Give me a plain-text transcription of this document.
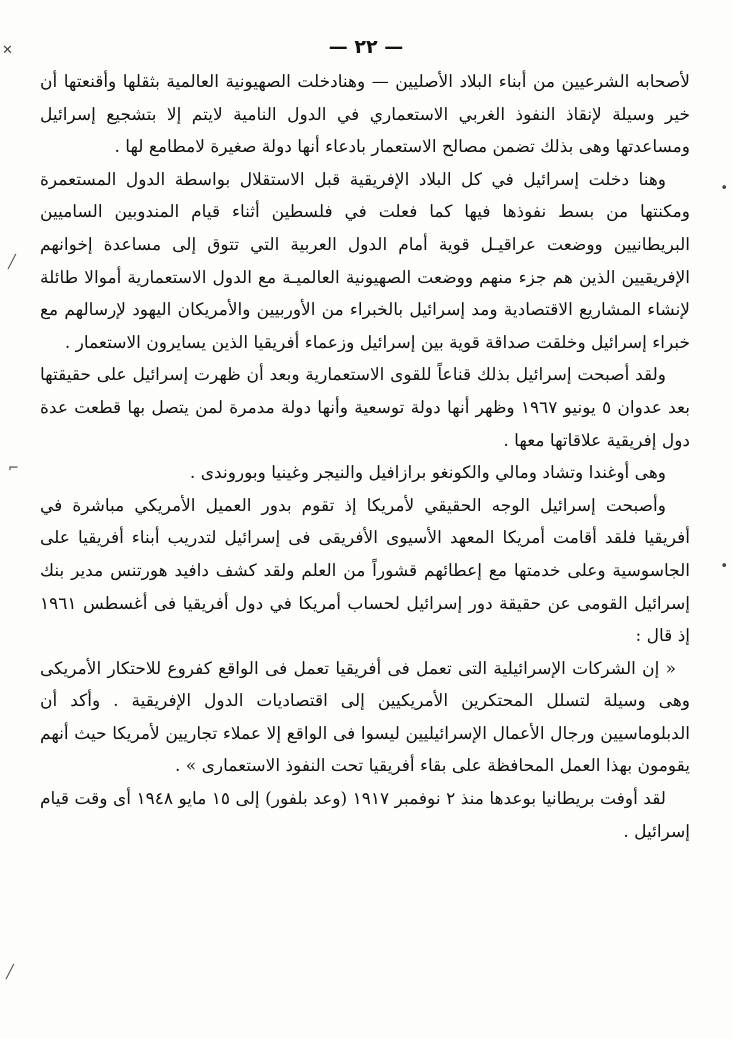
— ٢٢ —

لأصحابه الشرعيين من أبناء البلاد الأصليين — وهنادخلت الصهيونية العالمية بثقلها وأقنعتها أن خير وسيلة لإنقاذ النفوذ الغربي الاستعماري في الدول النامية لايتم إلا بتشجيع إسرائيل ومساعدتها وهى بذلك تضمن مصالح الاستعمار بادعاء أنها دولة صغيرة لامطامع لها .

وهنا دخلت إسرائيل في كل البلاد الإفريقية قبل الاستقلال بواسطة الدول المستعمرة ومكنتها من بسط نفوذها فيها كما فعلت في فلسطين أثناء قيام المندوبين الساميين البريطانيين ووضعت عراقيـل قوية أمام الدول العربية التي تتوق إلى مساعدة إخوانهم الإفريقيين الذين هم جزء منهم ووضعت الصهيونية العالميـة مع الدول الاستعمارية أموالا طائلة لإنشاء المشاريع الاقتصادية ومد إسرائيل بالخبراء من الأوربيين والأمريكان اليهود لإرسالهم مع خبراء إسرائيل وخلقت صداقة قوية بين إسرائيل وزعماء أفريقيا الذين يسايرون الاستعمار .

ولقد أصبحت إسرائيل بذلك قناعاً للقوى الاستعمارية وبعد أن ظهرت إسرائيل على حقيقتها بعد عدوان ٥ يونيو ١٩٦٧ وظهر أنها دولة توسعية وأنها دولة مدمرة لمن يتصل بها قطعت عدة دول إفريقية علاقاتها معها .

وهى أوغندا وتشاد ومالي والكونغو برازافيل والنيجر وغينيا وبوروندى .

وأصبحت إسرائيل الوجه الحقيقي لأمريكا إذ تقوم بدور العميل الأمريكي مباشرة في أفريقيا فلقد أقامت أمريكا المعهد الأسيوى الأفريقى فى إسرائيل لتدريب أبناء أفريقيا على الجاسوسية وعلى خدمتها مع إعطائهم قشوراً من العلم ولقد كشف دافيد هورتنس مدير بنك إسرائيل القومى عن حقيقة دور إسرائيل لحساب أمريكا في دول أفريقيا فى أغسطس ١٩٦١ إذ قال :

« إن الشركات الإسرائيلية التى تعمل فى أفريقيا تعمل فى الواقع كفروع للاحتكار الأمريكى وهى وسيلة لتسلل المحتكرين الأمريكيين إلى اقتصاديات الدول الإفريقية . وأكد أن الدبلوماسيين ورجال الأعمال الإسرائيليين ليسوا فى الواقع إلا عملاء تجاريين لأمريكا حيث أنهم يقومون بهذا العمل المحافظة على بقاء أفريقيا تحت النفوذ الاستعمارى » .

لقد أوفت بريطانيا بوعدها منذ ٢ نوفمبر ١٩١٧ (وعد بلفور) إلى ١٥ مايو ١٩٤٨ أى وقت قيام إسرائيل .

✕
╱
⌐
╱
•
•
